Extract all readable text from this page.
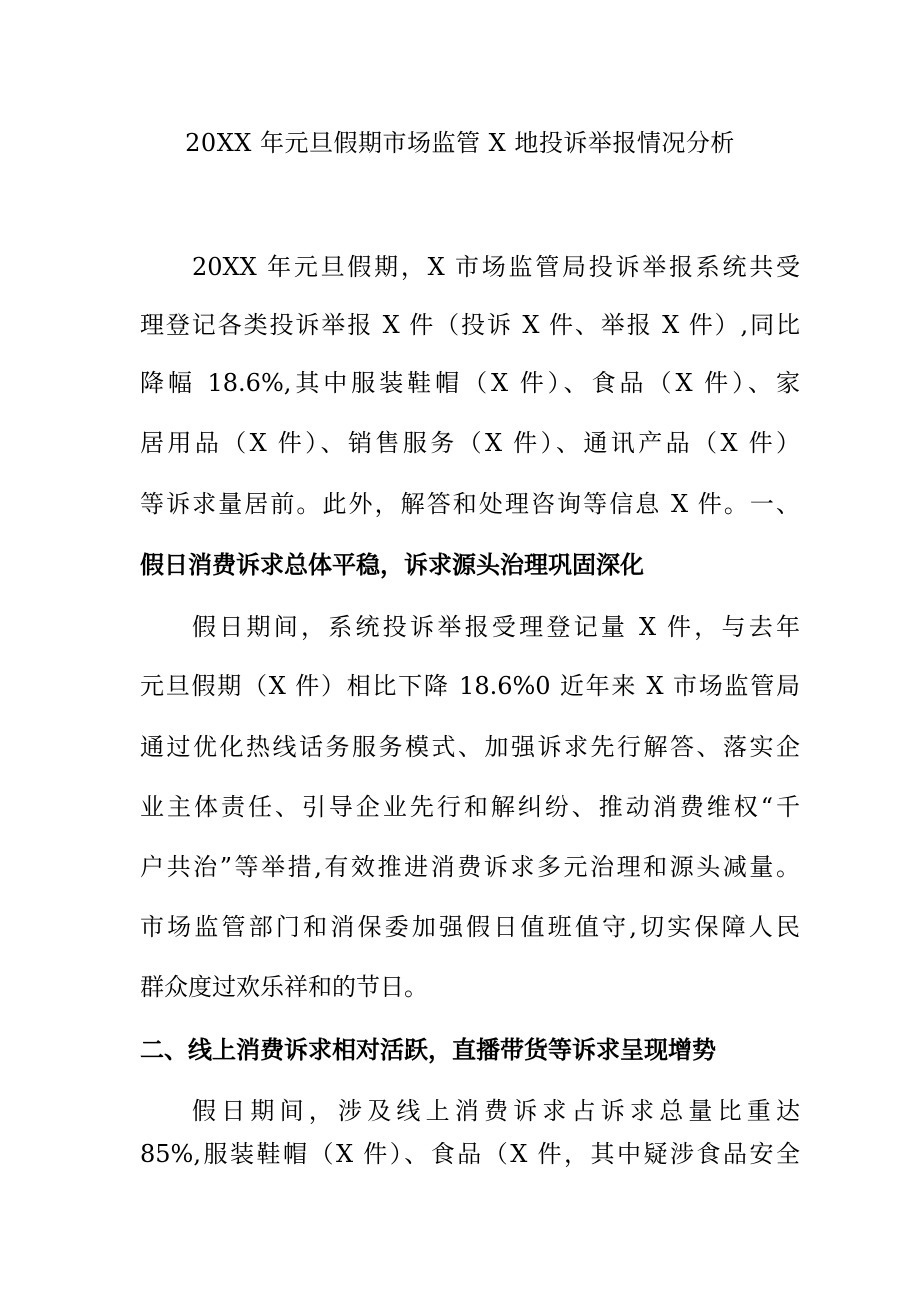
20XX 年元旦假期市场监管 X 地投诉举报情况分析
20XX 年元旦假期，X 市场监管局投诉举报系统共受
理登记各类投诉举报 X 件（投诉 X 件、举报 X 件）,同比
降幅 18.6%,其中服装鞋帽（X 件）、食品（X 件）、家
居用品（X 件）、销售服务（X 件）、通讯产品（X 件）
等诉求量居前。此外，解答和处理咨询等信息 X 件。一、
假日消费诉求总体平稳，诉求源头治理巩固深化
假日期间，系统投诉举报受理登记量 X 件，与去年
元旦假期（X 件）相比下降 18.6%0 近年来 X 市场监管局
通过优化热线话务服务模式、加强诉求先行解答、落实企
业主体责任、引导企业先行和解纠纷、推动消费维权“千
户共治”等举措,有效推进消费诉求多元治理和源头减量。
市场监管部门和消保委加强假日值班值守,切实保障人民
群众度过欢乐祥和的节日。
二、线上消费诉求相对活跃，直播带货等诉求呈现增势
假日期间，涉及线上消费诉求占诉求总量比重达
85%,服装鞋帽（X 件）、食品（X 件，其中疑涉食品安全
